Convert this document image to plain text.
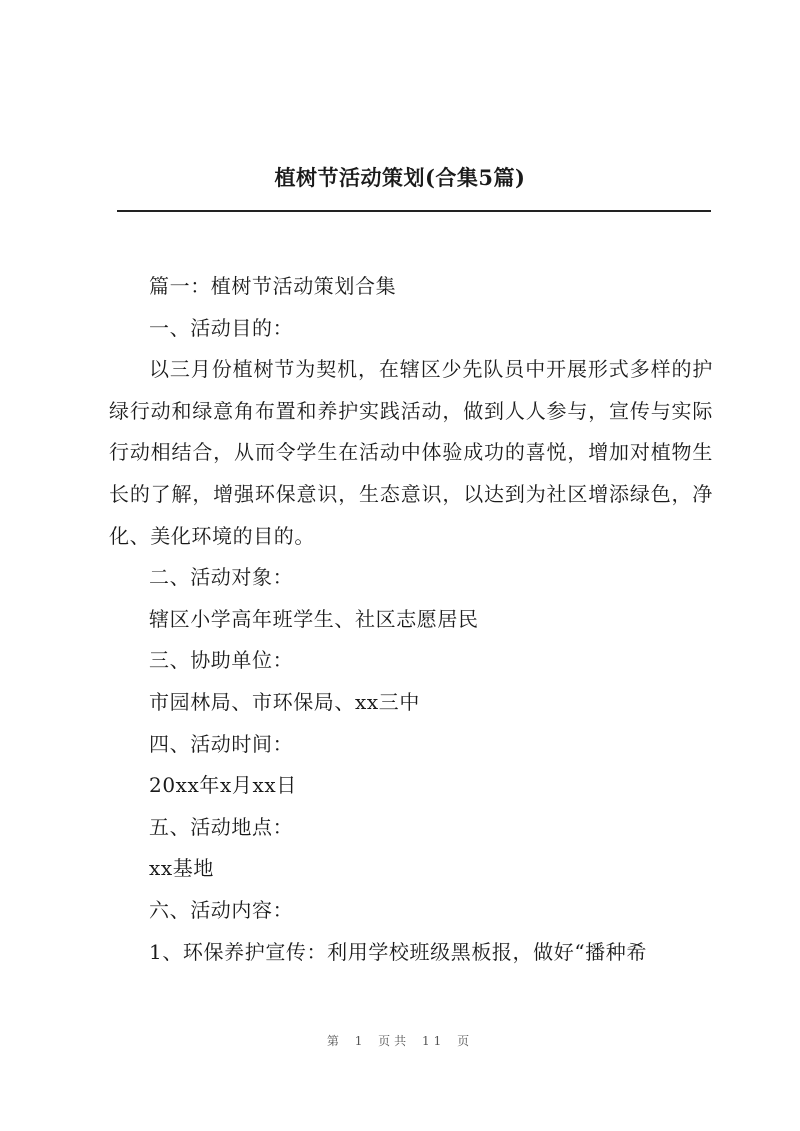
植树节活动策划(合集5篇)

篇一：植树节活动策划合集

一、活动目的：

以三月份植树节为契机，在辖区少先队员中开展形式多样的护绿行动和绿意角布置和养护实践活动，做到人人参与，宣传与实际行动相结合，从而令学生在活动中体验成功的喜悦，增加对植物生长的了解，增强环保意识，生态意识，以达到为社区增添绿色，净化、美化环境的目的。

二、活动对象：

辖区小学高年班学生、社区志愿居民

三、协助单位：

市园林局、市环保局、xx三中

四、活动时间：

20xx年x月xx日

五、活动地点：

xx基地

六、活动内容：

1、环保养护宣传：利用学校班级黑板报，做好“播种希

第 1 页共 11 页
